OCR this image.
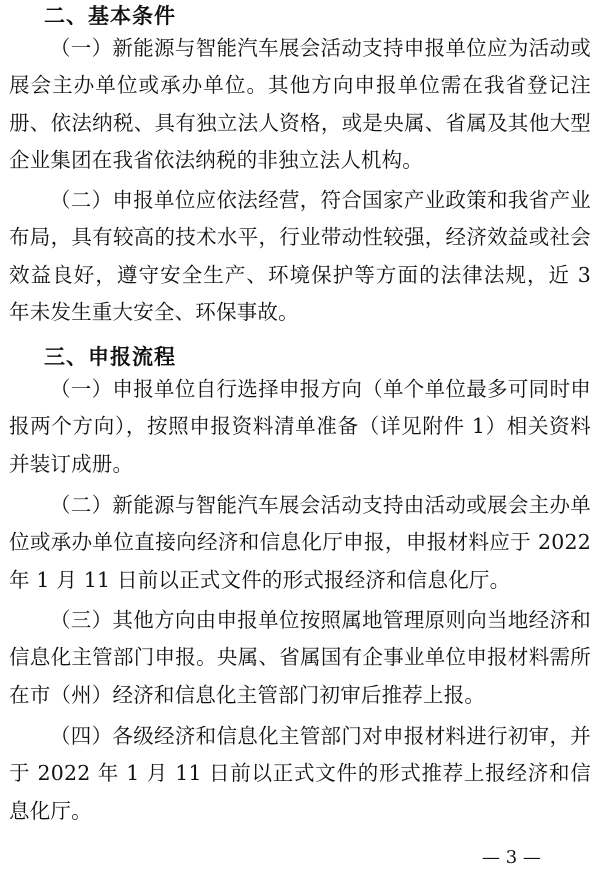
二、基本条件

（一）新能源与智能汽车展会活动支持申报单位应为活动或展会主办单位或承办单位。其他方向申报单位需在我省登记注册、依法纳税、具有独立法人资格，或是央属、省属及其他大型企业集团在我省依法纳税的非独立法人机构。

（二）申报单位应依法经营，符合国家产业政策和我省产业布局，具有较高的技术水平，行业带动性较强，经济效益或社会效益良好，遵守安全生产、环境保护等方面的法律法规，近 3 年未发生重大安全、环保事故。

三、申报流程

（一）申报单位自行选择申报方向（单个单位最多可同时申报两个方向），按照申报资料清单准备（详见附件 1）相关资料并装订成册。

（二）新能源与智能汽车展会活动支持由活动或展会主办单位或承办单位直接向经济和信息化厅申报，申报材料应于 2022 年 1 月 11 日前以正式文件的形式报经济和信息化厅。

（三）其他方向由申报单位按照属地管理原则向当地经济和信息化主管部门申报。央属、省属国有企事业单位申报材料需所在市（州）经济和信息化主管部门初审后推荐上报。

（四）各级经济和信息化主管部门对申报材料进行初审，并于 2022 年 1 月 11 日前以正式文件的形式推荐上报经济和信息化厅。

— 3 —
